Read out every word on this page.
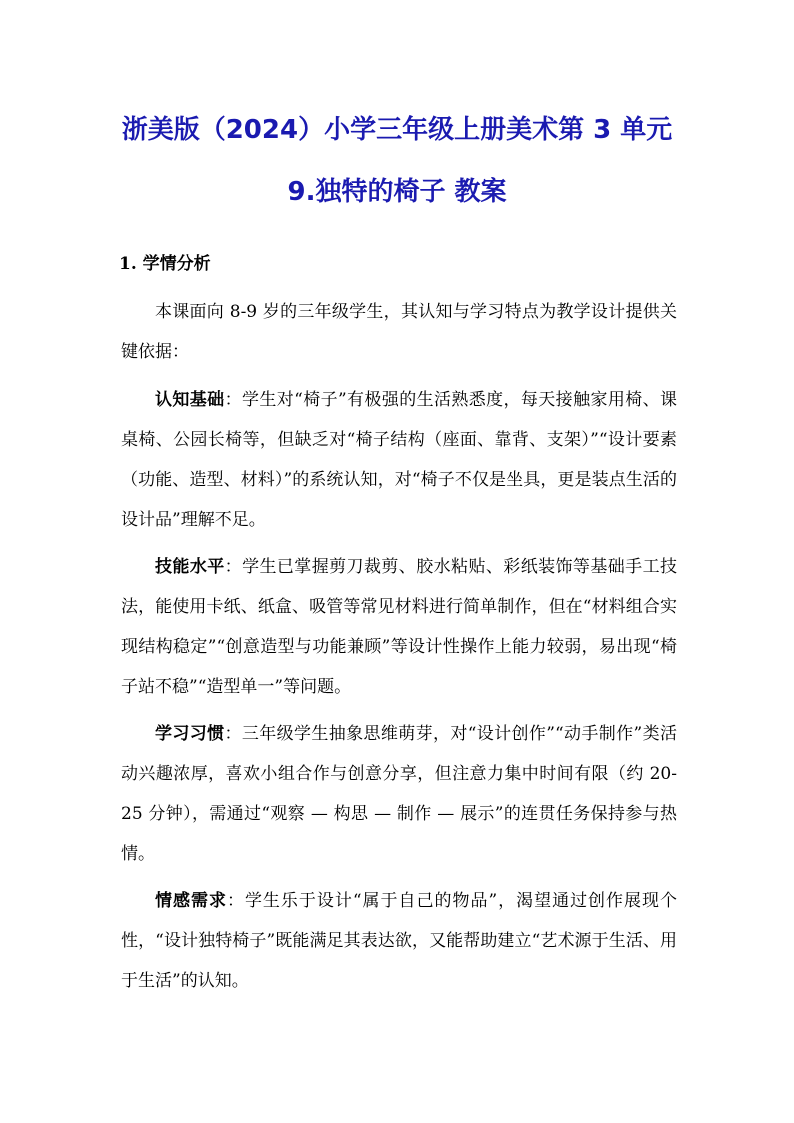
浙美版（2024）小学三年级上册美术第 3 单元
9.独特的椅子 教案
1. 学情分析

本课面向 8-9 岁的三年级学生，其认知与学习特点为教学设计提供关键依据：

认知基础：学生对“椅子”有极强的生活熟悉度，每天接触家用椅、课桌椅、公园长椅等，但缺乏对“椅子结构（座面、靠背、支架）”“设计要素（功能、造型、材料）”的系统认知，对“椅子不仅是坐具，更是装点生活的设计品”理解不足。

技能水平：学生已掌握剪刀裁剪、胶水粘贴、彩纸装饰等基础手工技法，能使用卡纸、纸盒、吸管等常见材料进行简单制作，但在“材料组合实现结构稳定”“创意造型与功能兼顾”等设计性操作上能力较弱，易出现“椅子站不稳”“造型单一”等问题。

学习习惯：三年级学生抽象思维萌芽，对“设计创作”“动手制作”类活动兴趣浓厚，喜欢小组合作与创意分享，但注意力集中时间有限（约 20-25 分钟），需通过“观察 — 构思 — 制作 — 展示”的连贯任务保持参与热情。

情感需求：学生乐于设计“属于自己的物品”，渴望通过创作展现个性，“设计独特椅子”既能满足其表达欲，又能帮助建立“艺术源于生活、用于生活”的认知。
